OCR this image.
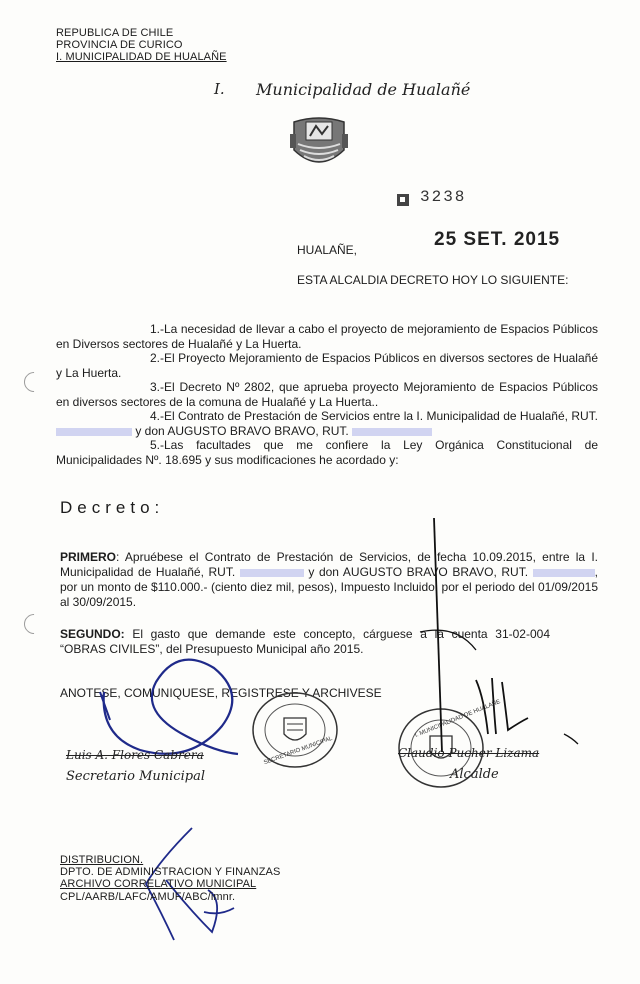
REPUBLICA DE CHILE
PROVINCIA DE CURICO
I. MUNICIPALIDAD DE HUALAÑE
I. Municipalidad de Hualañé
3238
HUALAÑE,	25 SET. 2015
ESTA ALCALDIA DECRETO HOY LO SIGUIENTE:
1.-La necesidad de llevar a cabo el proyecto de mejoramiento de Espacios Públicos en Diversos sectores de Hualañé y La Huerta.
2.-El Proyecto Mejoramiento de Espacios Públicos en diversos sectores de Hualañé y La Huerta.
3.-El Decreto Nº 2802, que aprueba proyecto Mejoramiento de Espacios Públicos en diversos sectores de la comuna de Hualañé y La Huerta..
4.-El Contrato de Prestación de Servicios entre la I. Municipalidad de Hualañé, RUT.  y don AUGUSTO BRAVO BRAVO, RUT.
5.-Las facultades que me confiere la Ley Orgánica Constitucional de Municipalidades Nº. 18.695 y sus modificaciones he acordado y:
Decreto:
PRIMERO: Apruébese el Contrato de Prestación de Servicios, de fecha 10.09.2015, entre la I. Municipalidad de Hualañé, RUT.	y don AUGUSTO BRAVO BRAVO, RUT.	, por un monto de $110.000.- (ciento diez mil, pesos), Impuesto Incluido, por el periodo del 01/09/2015 al 30/09/2015.
SEGUNDO: El gasto que demande este concepto, cárguese a la cuenta 31-02-004 “OBRAS CIVILES”, del Presupuesto Municipal año 2015.
ANOTESE, COMUNIQUESE, REGISTRESE Y ARCHIVESE
SECRETARIO MUNICIPAL
I. MUNICIPALIDAD DE HUALAÑE
Luis A. Flores Cabrera
Secretario Municipal
Claudio Pucher Lizama
Alcalde
DISTRIBUCION.
DPTO. DE ADMINISTRACION Y FINANZAS
ARCHIVO CORRELATIVO MUNICIPAL
CPL/AARB/LAFC/AMUF/ABC/imnr.
